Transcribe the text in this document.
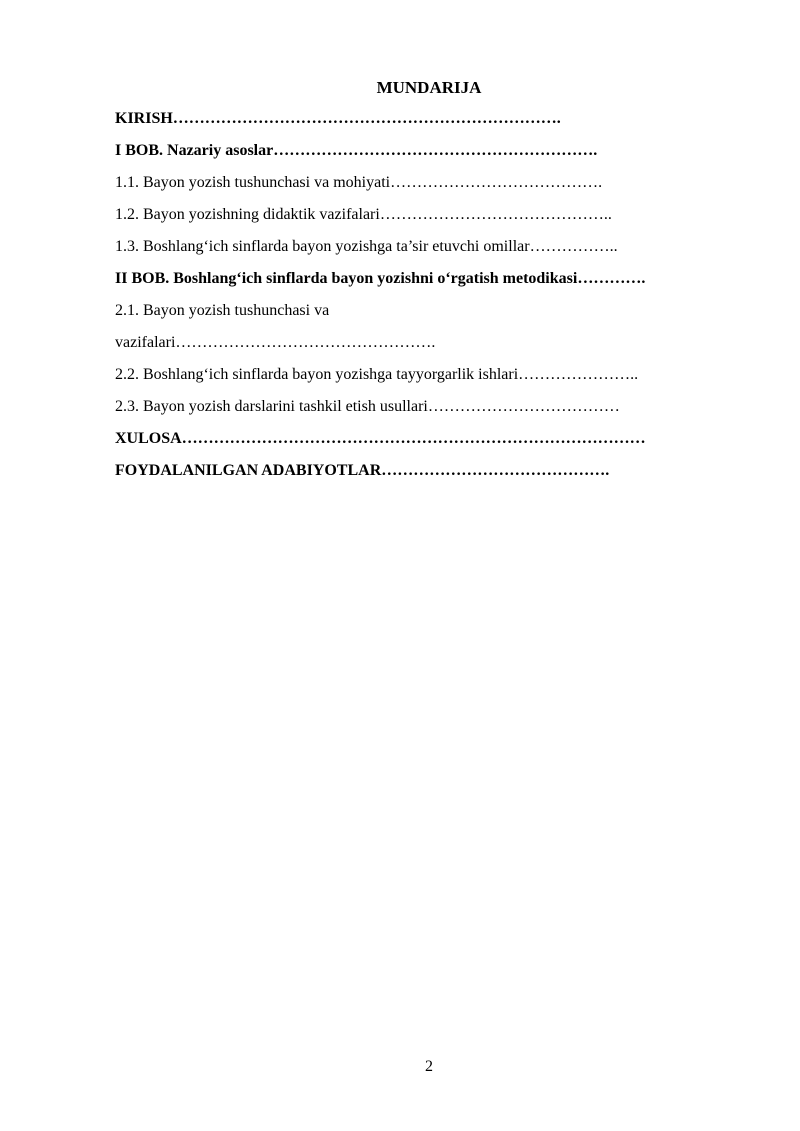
MUNDARIJA
KIRISH……………………………………………………………….
I BOB. Nazariy asoslar…………………………………………………….
1.1. Bayon yozish tushunchasi va mohiyati………………………………….
1.2. Bayon yozishning didaktik vazifalari……………………………………..
1.3. Boshlang‘ich sinflarda bayon yozishga ta’sir etuvchi omillar……………..
II BOB. Boshlang‘ich sinflarda bayon yozishni o‘rgatish metodikasi………….
2.1. Bayon yozish tushunchasi va
vazifalari………………………………………….
2.2. Boshlang‘ich sinflarda bayon yozishga tayyorgarlik ishlari…………………..
2.3. Bayon yozish darslarini tashkil etish usullari………………………………
XULOSA……………………………………………………………………………
FOYDALANILGAN ADABIYOTLAR…………………………………….
2
